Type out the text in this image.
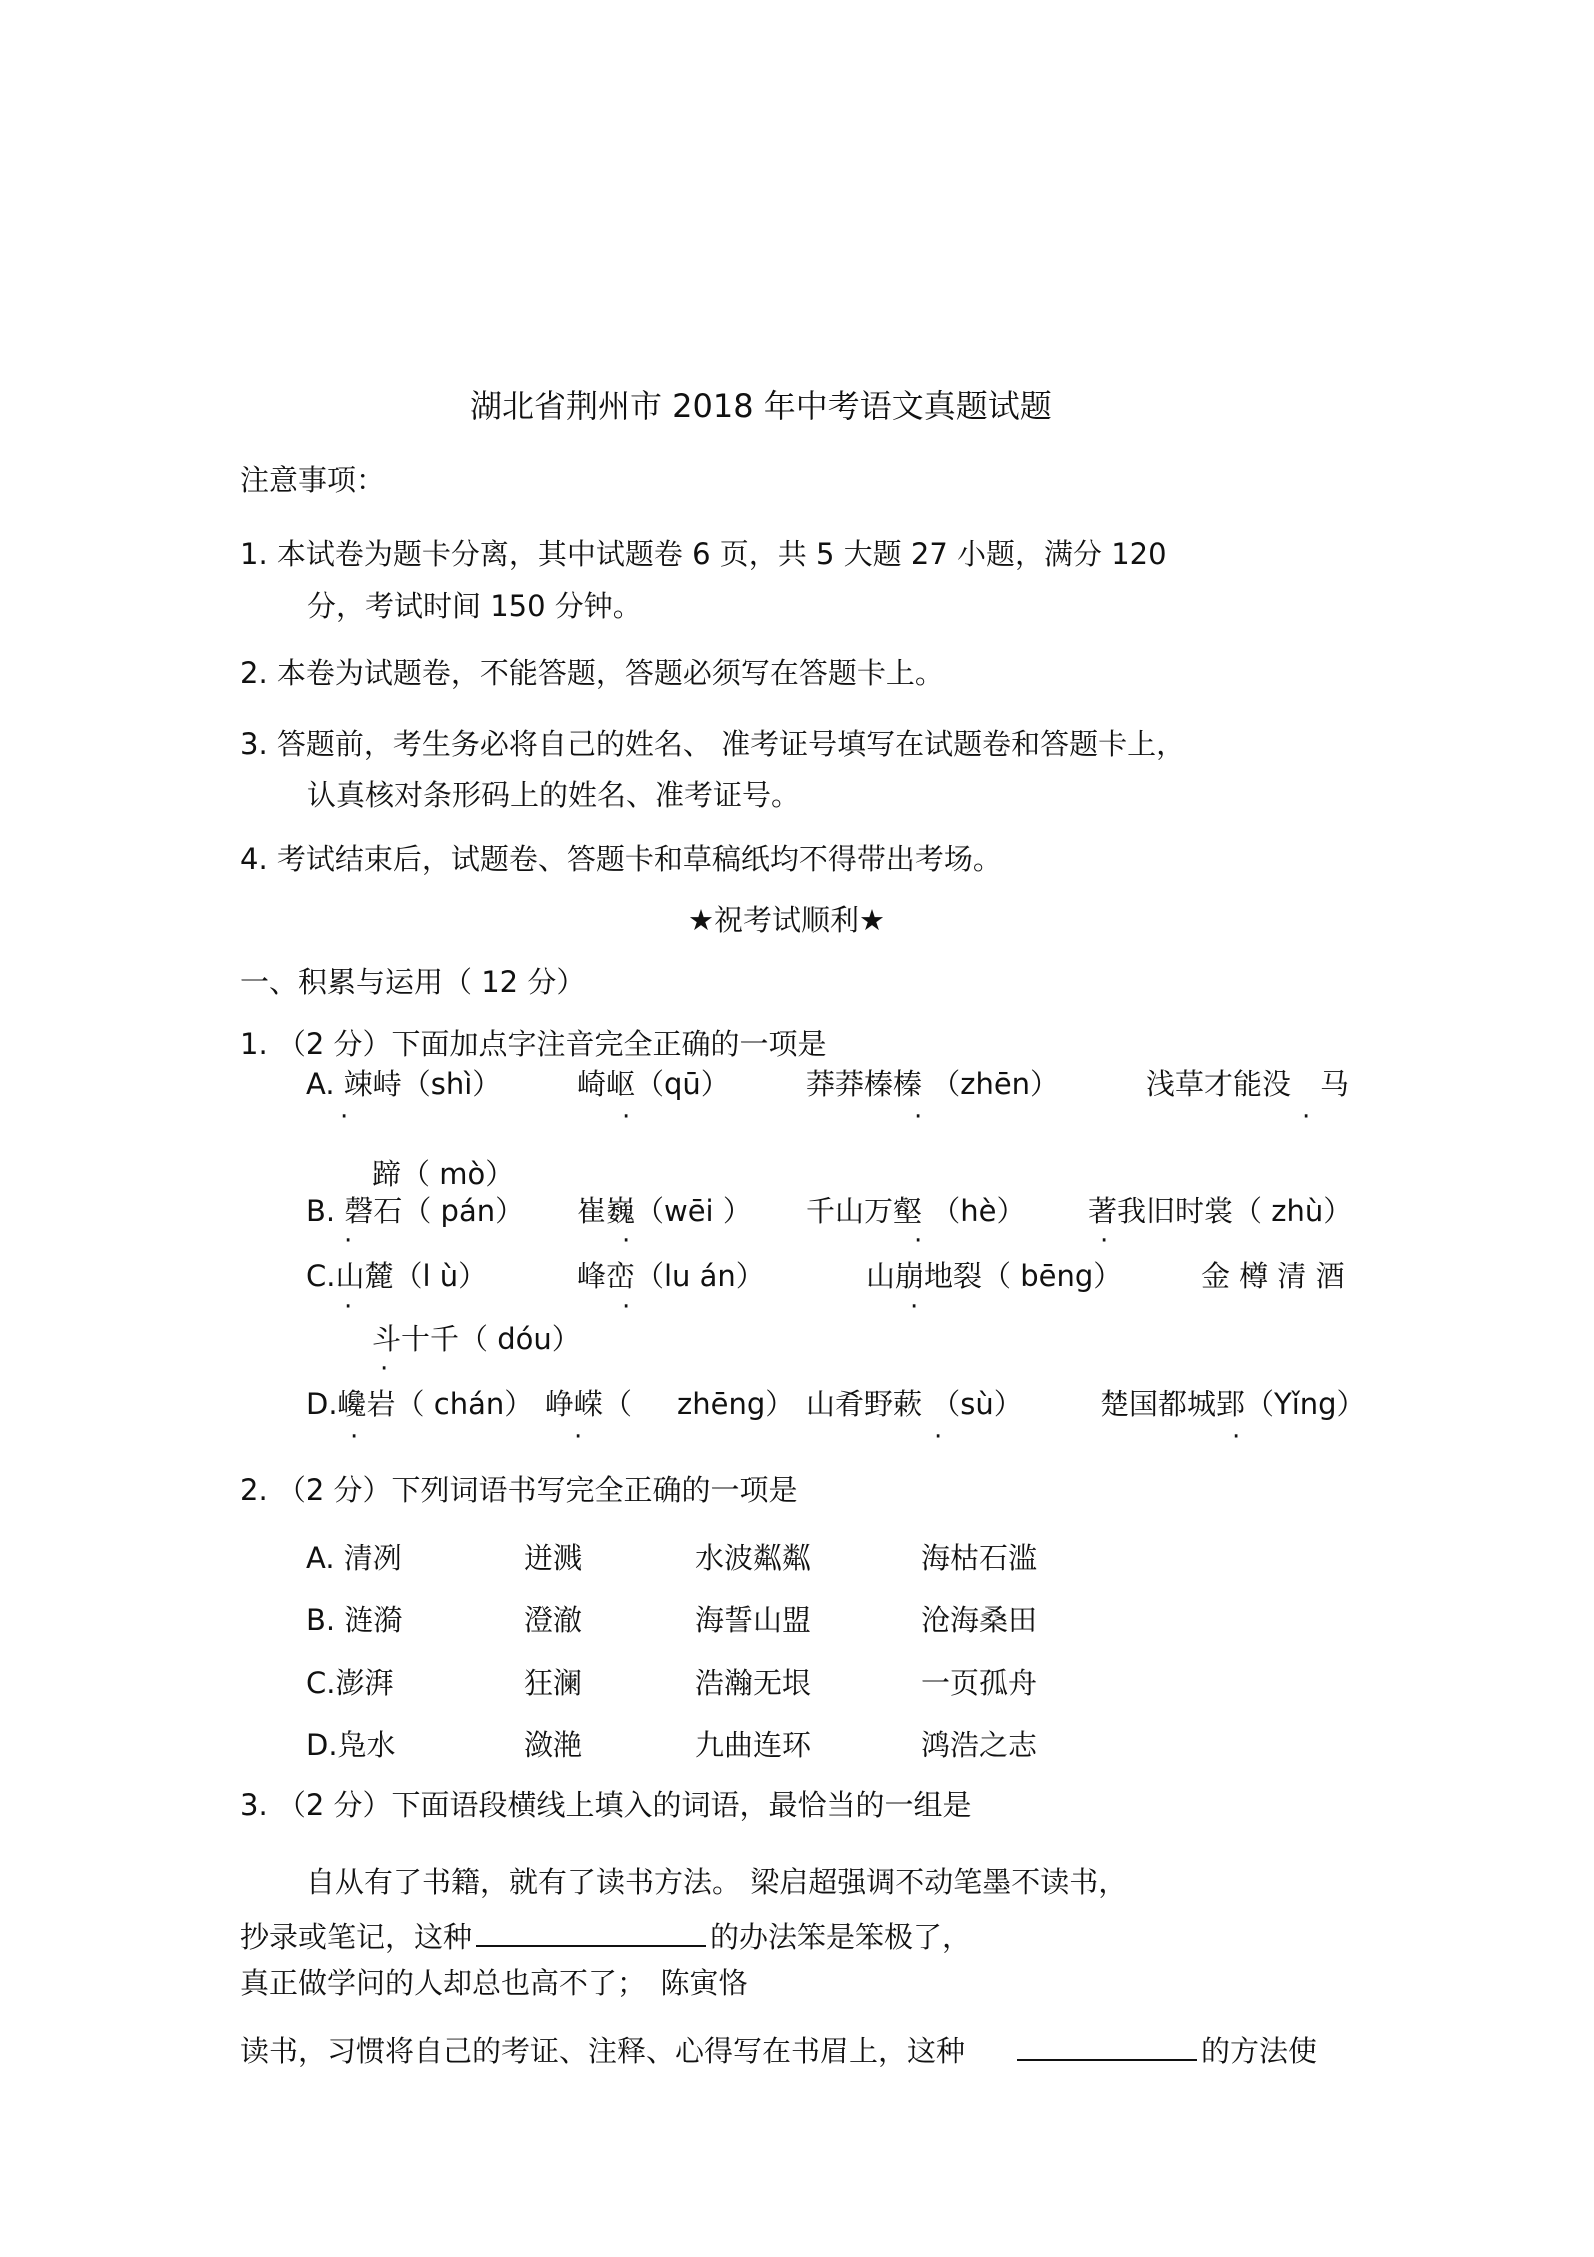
湖北省荆州市 2018 年中考语文真题试题
注意事项：
1. 本试卷为题卡分离，其中试题卷 6 页，共 5 大题 27 小题，满分 120
分，考试时间 150 分钟。
2. 本卷为试题卷，不能答题，答题必须写在答题卡上。
3. 答题前，考生务必将自己的姓名、 准考证号填写在试题卷和答题卡上，
认真核对条形码上的姓名、准考证号。
4. 考试结束后，试题卷、答题卡和草稿纸均不得带出考场。
★祝考试顺利★
一、积累与运用（ 12 分）
1. （2 分）下面加点字注音完全正确的一项是
A. 竦峙（shì）	崎岖（qū）	莽莽榛榛 （zhēn）	浅草才能没　马
·	·	·	·
蹄（ mò）
B. 磬石（ pán） 崔巍（wēi ） 千山万壑 （hè） 著我旧时裳（ zhù）
·	·	·	·
C.山麓（l ù）	峰峦（lu án）	山崩地裂（ bēng）	金 樽 清 酒
·	·	·
斗十千（ dóu）
·
D.巉岩（ chán） 峥嵘（ zhēng） 山肴野蔌 （sù）	楚国都城郢（Yǐng）
·	·	·	·
2. （2 分）下列词语书写完全正确的一项是
A. 清冽	迸溅	水波粼粼	海枯石滥
B. 涟漪	澄澈	海誓山盟	沧海桑田
C.澎湃	狂澜	浩瀚无垠	一页孤舟
D.凫水	潋滟	九曲连环	鸿浩之志
3. （2 分）下面语段横线上填入的词语，最恰当的一组是
自从有了书籍，就有了读书方法。 梁启超强调不动笔墨不读书，
抄录或笔记，这种	的办法笨是笨极了，
真正做学问的人却总也高不了；　陈寅恪
读书，习惯将自己的考证、注释、心得写在书眉上，这种	的方法使
